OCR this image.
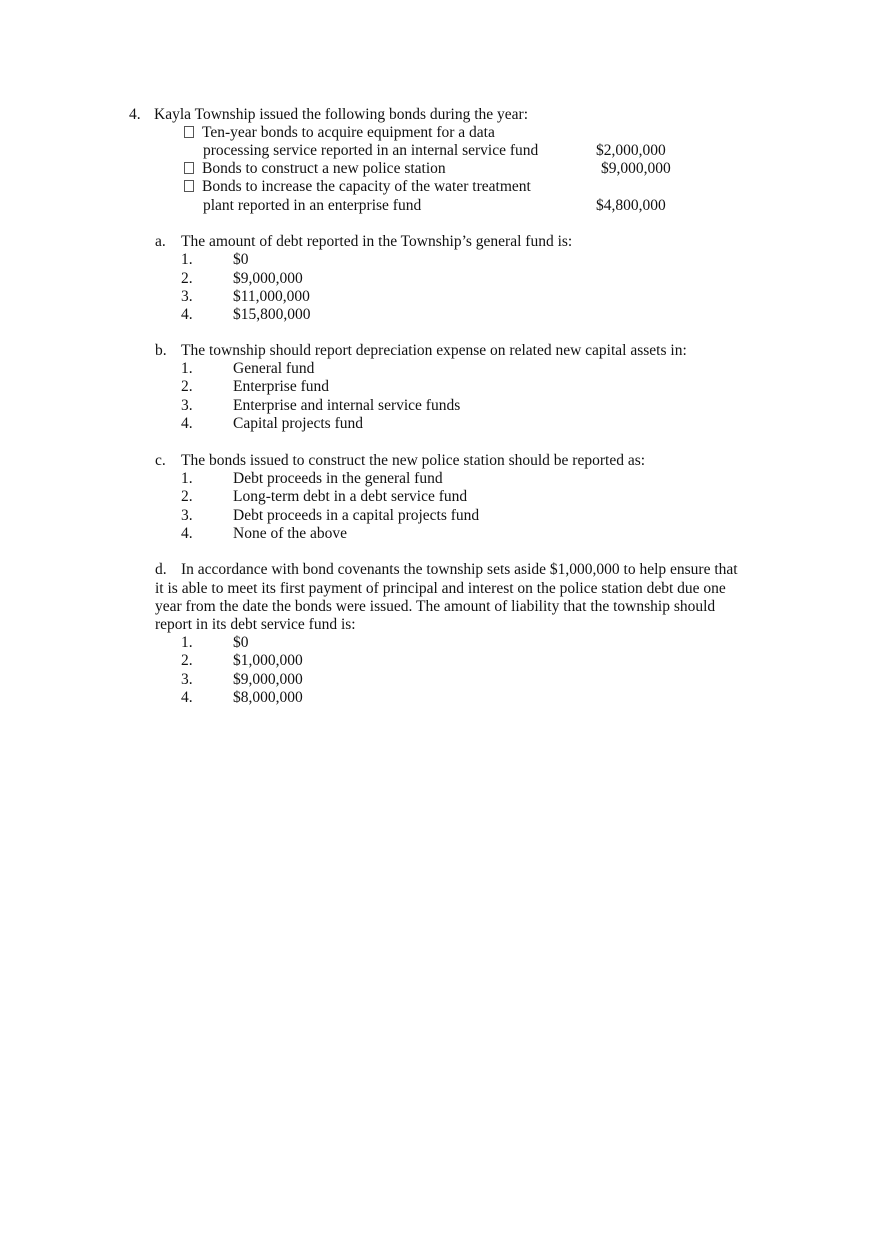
4. Kayla Township issued the following bonds during the year:
Ten-year bonds to acquire equipment for a data
processing service reported in an internal service fund	$2,000,000
Bonds to construct a new police station	$9,000,000
Bonds to increase the capacity of the water treatment
plant reported in an enterprise fund	$4,800,000
a. The amount of debt reported in the Township’s general fund is:
1.	$0
2.	$9,000,000
3.	$11,000,000
4.	$15,800,000
b. The township should report depreciation expense on related new capital assets in:
1.	General fund
2.	Enterprise fund
3.	Enterprise and internal service funds
4.	Capital projects fund
c. The bonds issued to construct the new police station should be reported as:
1.	Debt proceeds in the general fund
2.	Long-term debt in a debt service fund
3.	Debt proceeds in a capital projects fund
4.	None of the above
d. In accordance with bond covenants the township sets aside $1,000,000 to help ensure that
it is able to meet its first payment of principal and interest on the police station debt due one
year from the date the bonds were issued. The amount of liability that the township should
report in its debt service fund is:
1.	$0
2.	$1,000,000
3.	$9,000,000
4.	$8,000,000
